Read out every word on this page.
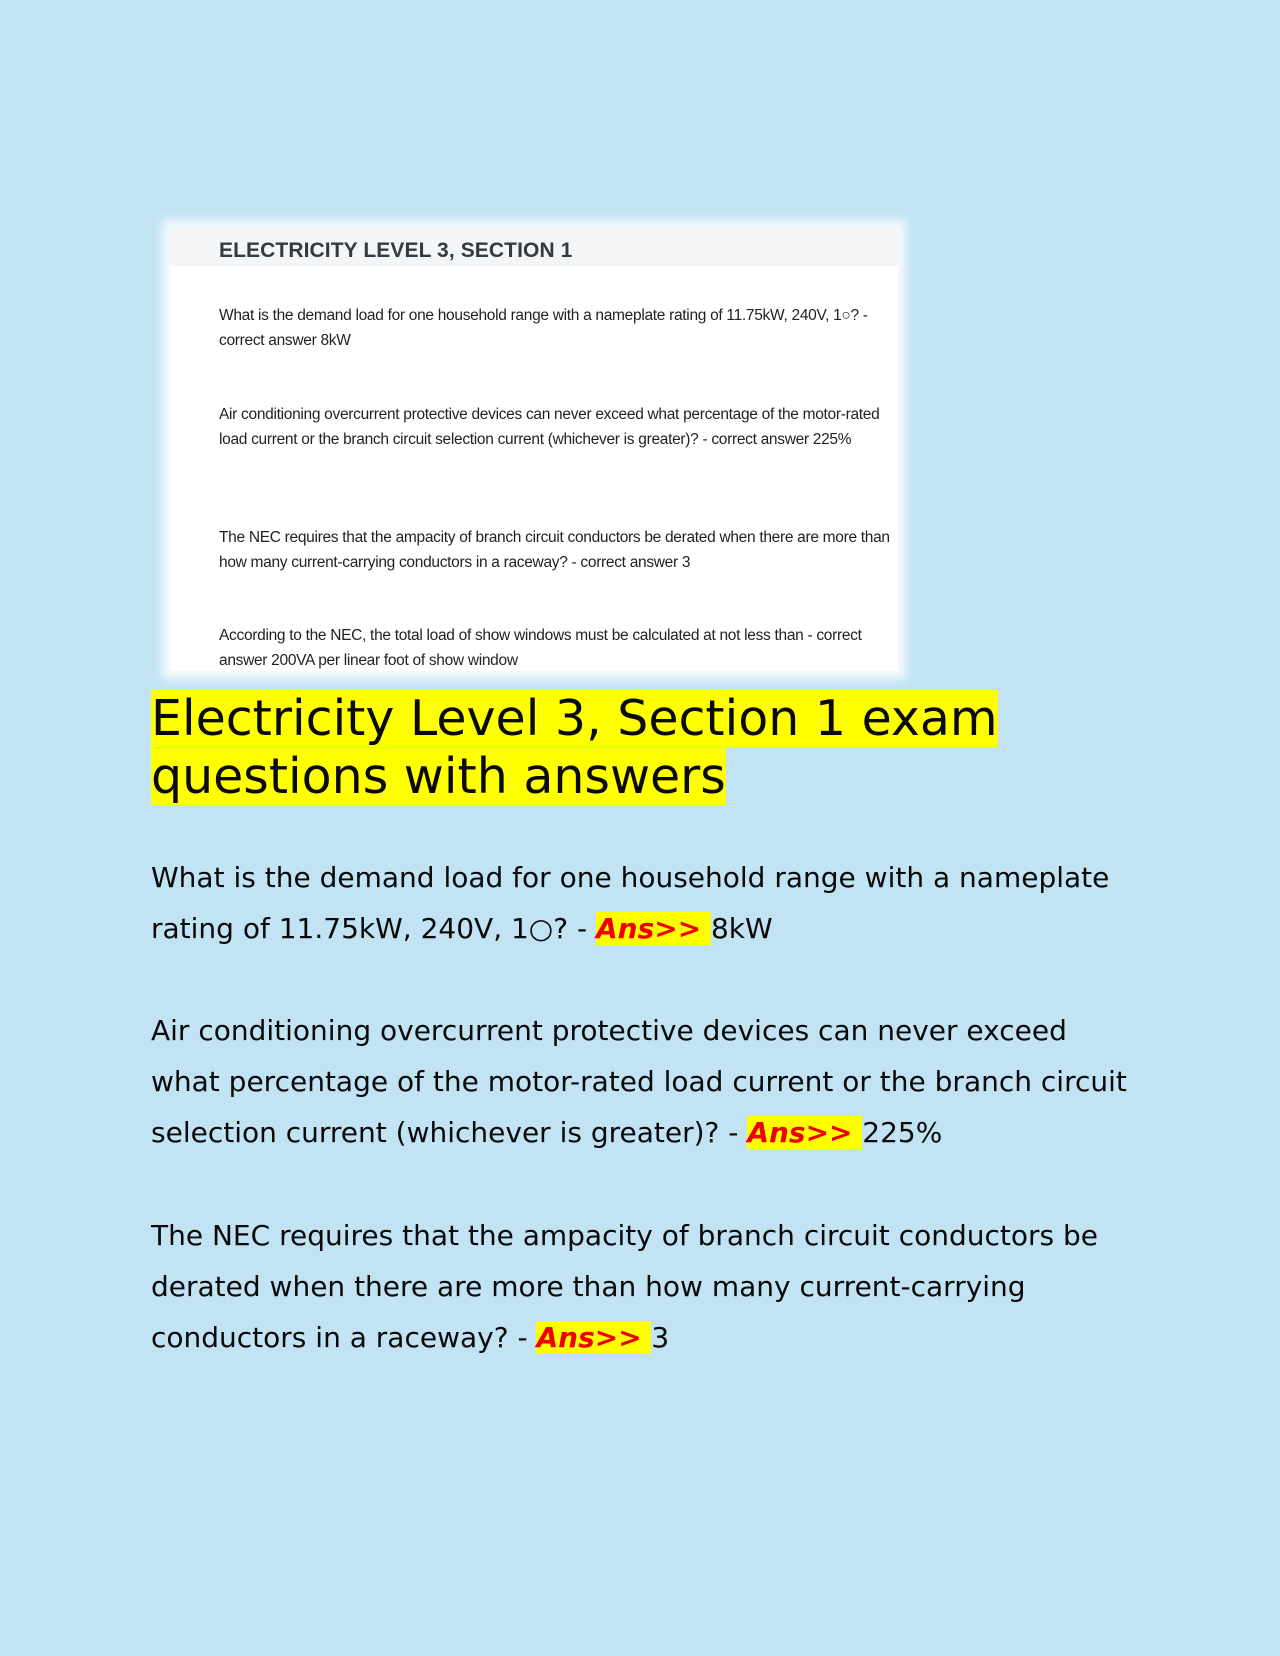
ELECTRICITY LEVEL 3, SECTION 1

What is the demand load for one household range with a nameplate rating of 11.75kW, 240V, 1○? - correct answer 8kW

Air conditioning overcurrent protective devices can never exceed what percentage of the motor-rated load current or the branch circuit selection current (whichever is greater)? - correct answer 225%

The NEC requires that the ampacity of branch circuit conductors be derated when there are more than how many current-carrying conductors in a raceway? - correct answer 3

According to the NEC, the total load of show windows must be calculated at not less than - correct answer 200VA per linear foot of show window

Electricity Level 3, Section 1 exam questions with answers

What is the demand load for one household range with a nameplate rating of 11.75kW, 240V, 1○? - Ans>> 8kW

Air conditioning overcurrent protective devices can never exceed what percentage of the motor-rated load current or the branch circuit selection current (whichever is greater)? - Ans>> 225%

The NEC requires that the ampacity of branch circuit conductors be derated when there are more than how many current-carrying conductors in a raceway? - Ans>> 3
